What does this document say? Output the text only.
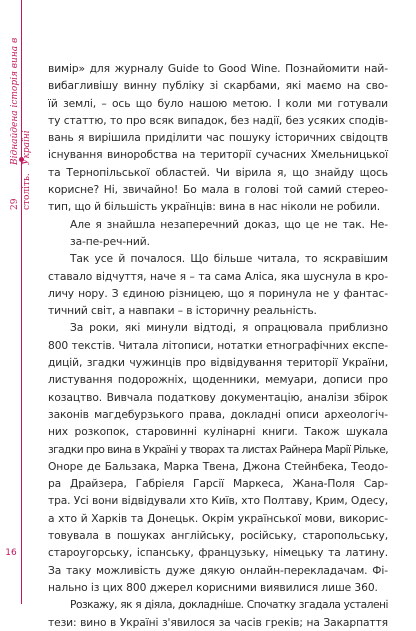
29 століть.
Віднайдена історія вина в Україні
16

вимір» для журналу Guide to Good Wine. Познайомити най-
вибагливішу винну публіку зі скарбами, які маємо на сво-
їй землі, – ось що було нашою метою. І коли ми готували
ту статтю, то про всяк випадок, без надії, без усяких сподів-
вань я вирішила приділити час пошуку історичних свідоцтв
існування виноробства на території сучасних Хмельницької
та Тернопільської областей. Чи вірила я, що знайду щось
корисне? Ні, звичайно! Бо мала в голові той самий стерео-
тип, що й більшість українців: вина в нас ніколи не робили.

Але я знайшла незаперечний доказ, що це не так. Не-
за-пе-реч-ний.

Так усе й почалося. Що більше читала, то яскравішим
ставало відчуття, наче я – та сама Аліса, яка шуснула в кро-
личу нору. З єдиною різницею, що я поринула не у фантас-
тичний світ, а навпаки – в історичну реальність.

За роки, які минули відтоді, я опрацювала приблизно
800 текстів. Читала літописи, нотатки етнографічних експе-
дицій, згадки чужинців про відвідування території України,
листування подорожніх, щоденники, мемуари, дописи про
козацтво. Вивчала податкову документацію, аналізи збірок
законів магдебурзького права, докладні описи археологіч-
них розкопок, старовинні кулінарні книги. Також шукала
згадки про вина в Україні у творах та листах Райнера Марії Рільке,
Оноре де Бальзака, Марка Твена, Джона Стейнбека, Теодо-
ра Драйзера, Габріеля Гарсії Маркеса, Жана-Поля Сар-
тра. Усі вони відвідували хто Київ, хто Полтаву, Крим, Одесу,
а хто й Харків та Донецьк. Окрім української мови, викорис-
товувала в пошуках англійську, російську, старопольську,
староугорську, іспанську, французьку, німецьку та латину.
За таку можливість дуже дякую онлайн-перекладачам. Фі-
нально із цих 800 джерел корисними виявилися лише 360.

Розкажу, як я діяла, докладніше. Спочатку згадала усталені
тези: вино в Україні з'явилося за часів греків; на Закарпаття
